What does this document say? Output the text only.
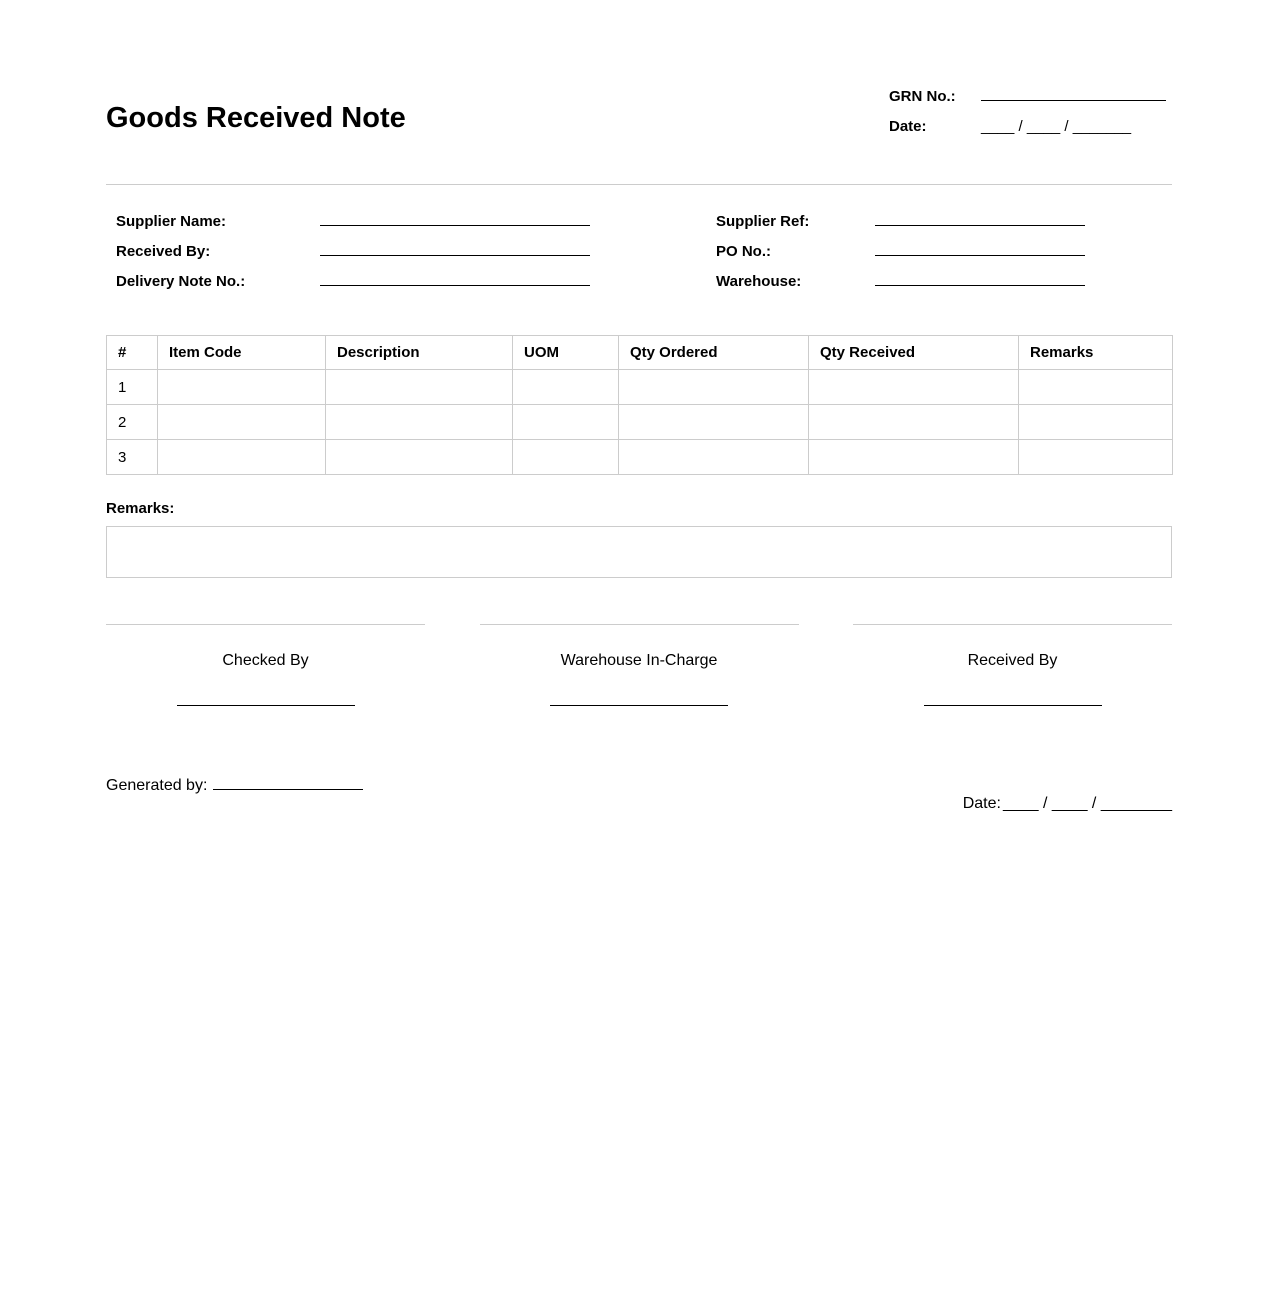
Goods Received Note
GRN No.:
Date:	____ / ____ / _______
Supplier Name:
Received By:
Delivery Note No.:
Supplier Ref:
PO No.:
Warehouse:
#	Item Code	Description	UOM	Qty Ordered	Qty Received	Remarks
1						
2						
3						
Remarks:
Checked By	Warehouse In-Charge	Received By
Generated by:

Date: ____ / ____ / ________
